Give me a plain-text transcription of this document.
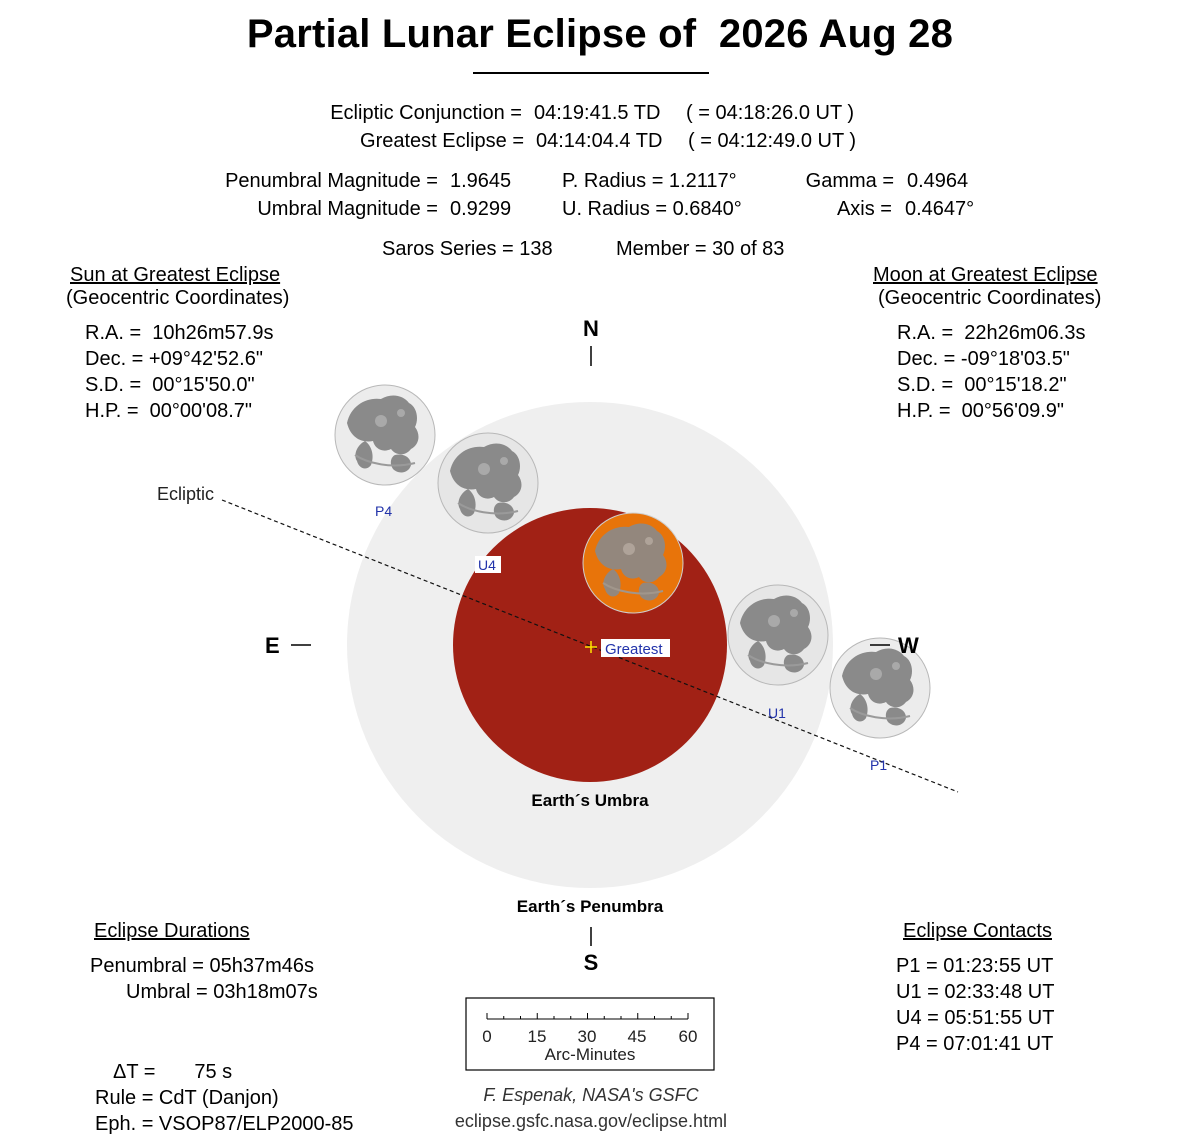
Partial Lunar Eclipse of  2026 Aug 28
Ecliptic Conjunction = 04:19:41.5 TD ( = 04:18:26.0 UT )
Greatest Eclipse = 04:14:04.4 TD ( = 04:12:49.0 UT )
Penumbral Magnitude = 1.9645
Umbral Magnitude = 0.9299
P. Radius = 1.2117°
U. Radius = 0.6840°
Gamma = 0.4964
Axis = 0.4647°
Saros Series = 138	Member = 30 of 83
Sun at Greatest Eclipse
(Geocentric Coordinates)
R.A. =  10h26m57.9s
Dec. = +09°42'52.6"
S.D. =  00°15'50.0"
H.P. =  00°00'08.7"
Moon at Greatest Eclipse
(Geocentric Coordinates)
R.A. =  22h26m06.3s
Dec. = -09°18'03.5"
S.D. =  00°15'18.2"
H.P. =  00°56'09.9"
Eclipse Durations
Penumbral = 05h37m46s
Umbral = 03h18m07s
Eclipse Contacts
P1 = 01:23:55 UT
U1 = 02:33:48 UT
U4 = 05:51:55 UT
P4 = 07:01:41 UT
ΔT =       75 s
Rule = CdT (Danjon)
Eph. = VSOP87/ELP2000-85
F. Espenak, NASA's GSFC
eclipse.gsfc.nasa.gov/eclipse.html
Greatest
P4
U4
U1
P1
Ecliptic
N
S
E	W
Earth´s Umbra
Earth´s Penumbra
0 15 30 45 60
Arc-Minutes
